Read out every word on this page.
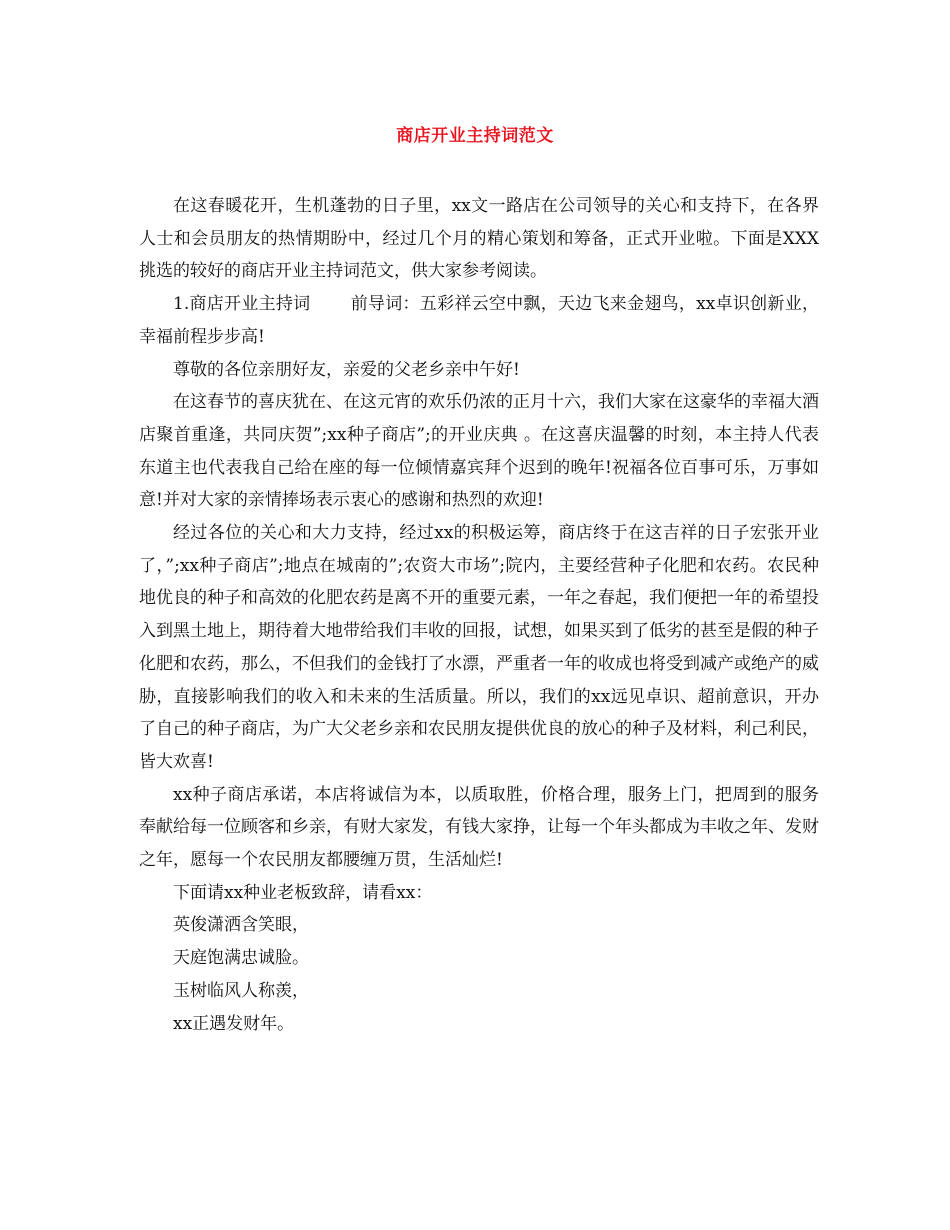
商店开业主持词范文

在这春暖花开，生机蓬勃的日子里，xx文一路店在公司领导的关心和支持下，在各界人士和会员朋友的热情期盼中，经过几个月的精心策划和筹备，正式开业啦。下面是XXX挑选的较好的商店开业主持词范文，供大家参考阅读。

1.商店开业主持词 前导词：五彩祥云空中飘，天边飞来金翅鸟，xx卓识创新业，幸福前程步步高!

尊敬的各位亲朋好友，亲爱的父老乡亲中午好!

在这春节的喜庆犹在、在这元宵的欢乐仍浓的正月十六，我们大家在这豪华的幸福大酒店聚首重逢，共同庆贺”;xx种子商店”;的开业庆典 。在这喜庆温馨的时刻，本主持人代表东道主也代表我自己给在座的每一位倾情嘉宾拜个迟到的晚年!祝福各位百事可乐，万事如意!并对大家的亲情捧场表示衷心的感谢和热烈的欢迎!

经过各位的关心和大力支持，经过xx的积极运筹，商店终于在这吉祥的日子宏张开业了，”;xx种子商店”;地点在城南的”;农资大市场”;院内，主要经营种子化肥和农药。农民种地优良的种子和高效的化肥农药是离不开的重要元素，一年之春起，我们便把一年的希望投入到黑土地上，期待着大地带给我们丰收的回报，试想，如果买到了低劣的甚至是假的种子化肥和农药，那么，不但我们的金钱打了水漂，严重者一年的收成也将受到减产或绝产的威胁，直接影响我们的收入和未来的生活质量。所以，我们的xx远见卓识、超前意识，开办了自己的种子商店，为广大父老乡亲和农民朋友提供优良的放心的种子及材料，利己利民，皆大欢喜!

xx种子商店承诺，本店将诚信为本，以质取胜，价格合理，服务上门，把周到的服务奉献给每一位顾客和乡亲，有财大家发，有钱大家挣，让每一个年头都成为丰收之年、发财之年，愿每一个农民朋友都腰缠万贯，生活灿烂!

下面请xx种业老板致辞，请看xx：

英俊潇洒含笑眼，

天庭饱满忠诚脸。

玉树临风人称羡，

xx正遇发财年。
